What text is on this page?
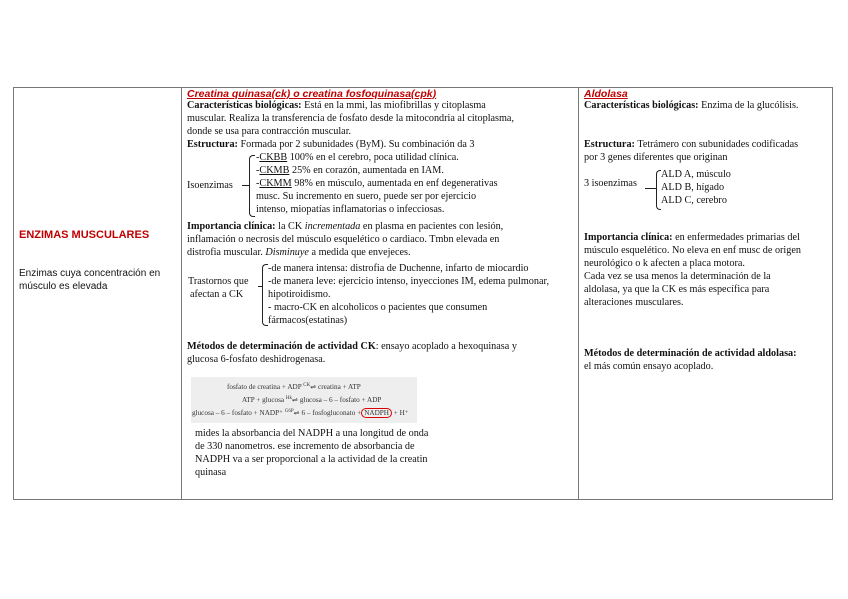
ENZIMAS MUSCULARES
Enzimas cuya concentración en
músculo es elevada
Creatina quinasa(ck) o creatina fosfoquinasa(cpk)
Características biológicas: Está en la mmi, las miofibrillas y citoplasma
muscular. Realiza la transferencia de fosfato desde la mitocondria al citoplasma,
donde se usa para contracción muscular.
Estructura: Formada por 2 subunidades (ByM). Su combinación da 3
Isoenzimas
-CKBB 100% en el cerebro, poca utilidad clínica.
-CKMB 25% en corazón, aumentada en IAM.
-CKMM 98% en músculo, aumentada en enf degenerativas
musc. Su incremento en suero, puede ser por ejercicio
intenso, miopatías inflamatorias o infecciosas.
Importancia clínica: la CK incrementada en plasma en pacientes con lesión,
inflamación o necrosis del músculo esquelético o cardiaco. Tmbn elevada en
distrofia muscular. Disminuye a medida que envejeces.
Trastornos que
afectan a CK
-de manera intensa: distrofia de Duchenne, infarto de miocardio
-de manera leve: ejercicio intenso, inyecciones IM, edema pulmonar,
hipotiroidismo.
- macro-CK en alcoholicos o pacientes que consumen
fármacos(estatinas)
Métodos de determinación de actividad CK: ensayo acoplado a hexoquinasa y
glucosa 6-fosfato deshidrogenasa.
fosfato de creatina + ADP $^{CK}$⇌ creatina + ATP
ATP + glucosa $^{Hk}$⇌ glucosa – 6 – fosfato + ADP
glucosa – 6 – fosfato + NADP⁺ $^{G6P}$⇌ 6 – fosfogluconato + NADPH + H⁺
mides la absorbancia del NADPH a una longitud de onda
de 330 nanometros. ese incremento de absorbancia de
NADPH va a ser proporcional a la actividad de la creatin
quinasa
Aldolasa
Características biológicas: Enzima de la glucólisis.
Estructura: Tetrámero con subunidades codificadas
por 3 genes diferentes que originan
3 isoenzimas
ALD A, músculo
ALD B, hígado
ALD C, cerebro
Importancia clínica: en enfermedades primarias del
músculo esquelético. No eleva en enf musc de origen
neurológico o k afecten a placa motora.
Cada vez se usa menos la determinación de la
aldolasa, ya que la CK es más específica para
alteraciones musculares.
Métodos de determinación de actividad aldolasa:
el más común ensayo acoplado.
